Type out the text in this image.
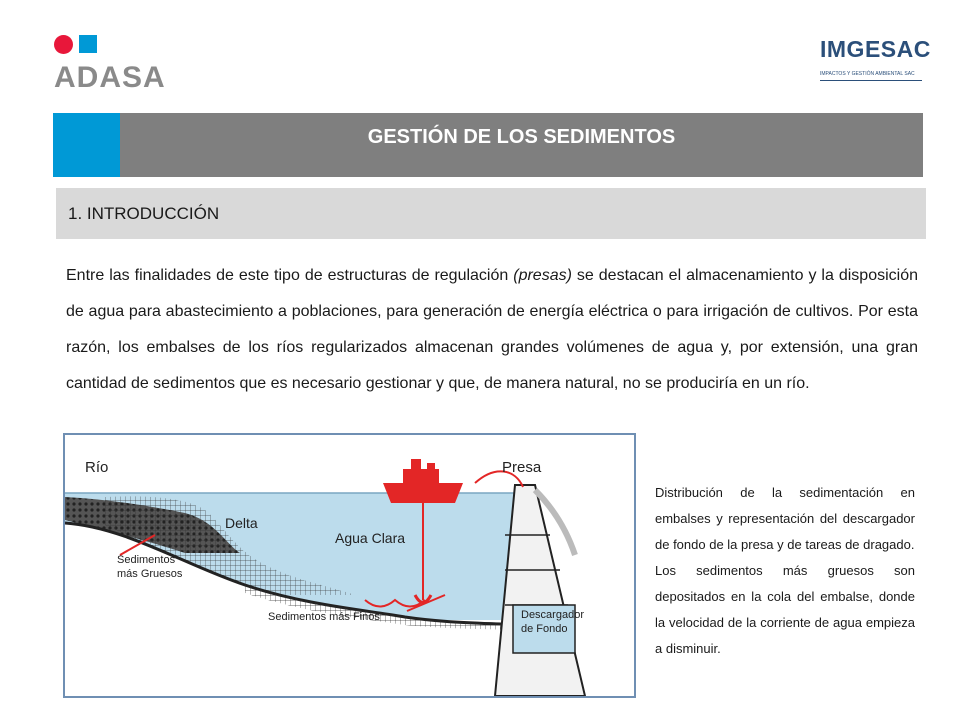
ADASA
IMGESAC
IMPACTOS Y GESTIÓN AMBIENTAL SAC
GESTIÓN DE LOS SEDIMENTOS
1. INTRODUCCIÓN
Entre las finalidades de este tipo de estructuras de regulación (presas) se destacan el almacenamiento y la disposición de agua para abastecimiento a poblaciones, para generación de energía eléctrica o para irrigación de cultivos. Por esta razón, los embalses de los ríos regularizados almacenan grandes volúmenes de agua y, por extensión, una gran cantidad de sedimentos que es necesario gestionar y que, de manera natural, no se produciría en un río.
Río	Presa
Delta
Agua Clara
Sedimentos
más Gruesos
Sedimentos más Finos	Descargador
de Fondo

Distribución de la sedimentación en embalses y representación del descargador de fondo de la presa y de tareas de dragado.

Los sedimentos más gruesos son depositados en la cola del embalse, donde la velocidad de la corriente de agua empieza a disminuir.
